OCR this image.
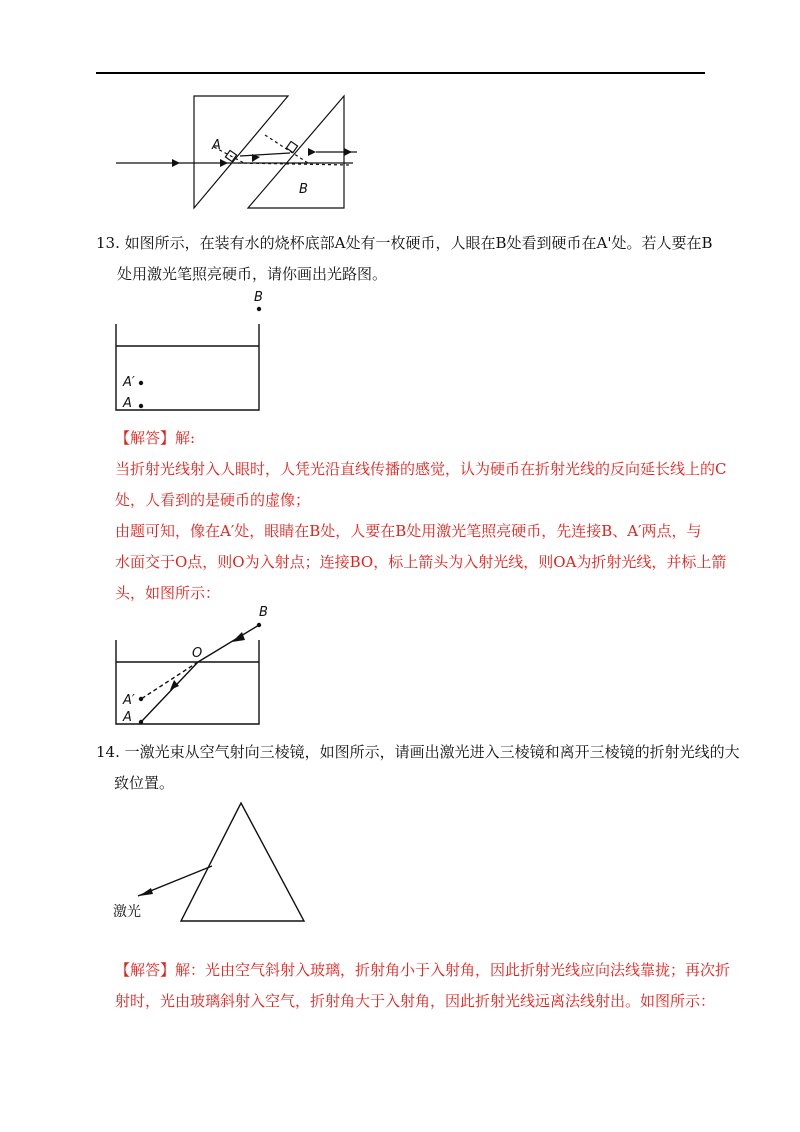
A
B
13. 如图所示，在装有水的烧杯底部A处有一枚硬币，人眼在B处看到硬币在A'处。若人要在B
处用激光笔照亮硬币，请你画出光路图。
B
A′
A
【解答】解:
当折射光线射入人眼时，人凭光沿直线传播的感觉，认为硬币在折射光线的反向延长线上的C
处，人看到的是硬币的虚像；
由题可知，像在A′处，眼睛在B处，人要在B处用激光笔照亮硬币，先连接B、A′两点，与
水面交于O点，则O为入射点；连接BO，标上箭头为入射光线，则OA为折射光线，并标上箭
头，如图所示：
B
O
A′
A
14. 一激光束从空气射向三棱镜，如图所示，请画出激光进入三棱镜和离开三棱镜的折射光线的大
致位置。
激光
【解答】解：光由空气斜射入玻璃，折射角小于入射角，因此折射光线应向法线靠拢；再次折
射时，光由玻璃斜射入空气，折射角大于入射角，因此折射光线远离法线射出。如图所示：
